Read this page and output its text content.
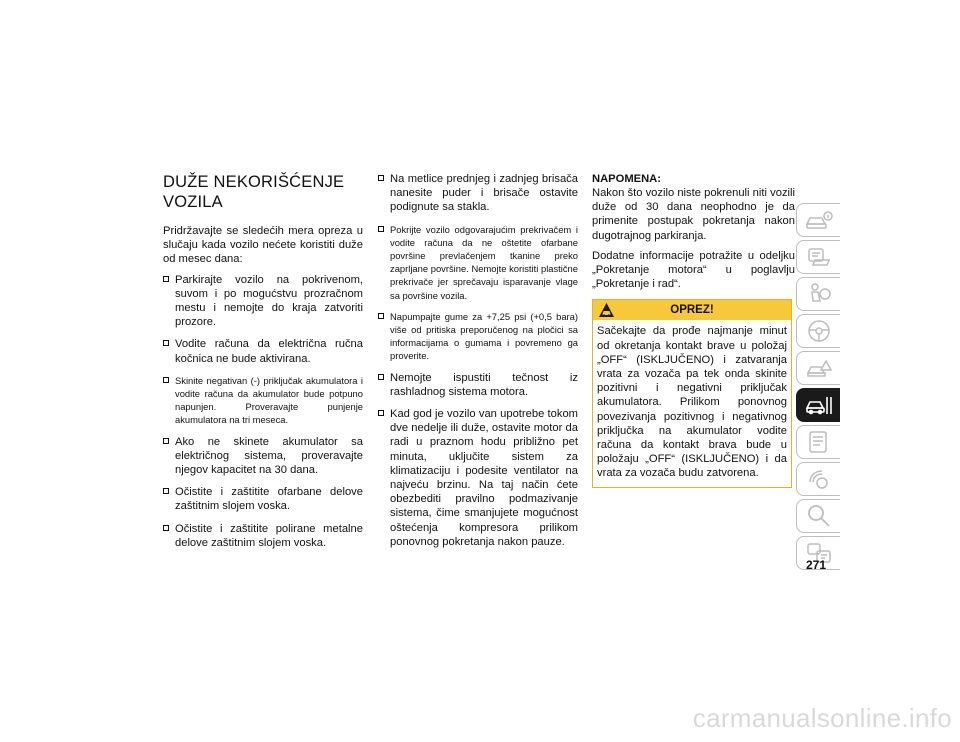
DUŽE NEKORIŠĆENJE VOZILA

Pridržavajte se sledećih mera opreza u slučaju kada vozilo nećete koristiti duže od mesec dana:

Parkirajte vozilo na pokrivenom, suvom i po mogućstvu prozračnom mestu i nemojte do kraja zatvoriti prozore.
Vodite računa da električna ručna kočnica ne bude aktivirana.
Skinite negativan (-) priključak akumulatora i vodite računa da akumulator bude potpuno napunjen. Proveravajte punjenje akumulatora na tri meseca.
Ako ne skinete akumulator sa električnog sistema, proveravajte njegov kapacitet na 30 dana.
Očistite i zaštitite ofarbane delove zaštitnim slojem voska.
Očistite i zaštitite polirane metalne delove zaštitnim slojem voska.
Na metlice prednjeg i zadnjeg brisača nanesite puder i brisače ostavite podignute sa stakla.
Pokrijte vozilo odgovarajućim prekrivačem i vodite računa da ne oštetite ofarbane površine prevlačenjem tkanine preko zaprljane površine. Nemojte koristiti plastične prekrivače jer sprečavaju isparavanje vlage sa površine vozila.
Napumpajte gume za +7,25 psi (+0,5 bara) više od pritiska preporučenog na pločici sa informacijama o gumama i povremeno ga proverite.
Nemojte ispustiti tečnost iz rashladnog sistema motora.
Kad god je vozilo van upotrebe tokom dve nedelje ili duže, ostavite motor da radi u praznom hodu približno pet minuta, uključite sistem za klimatizaciju i podesite ventilator na najveću brzinu. Na taj način ćete obezbediti pravilno podmazivanje sistema, čime smanjujete mogućnost oštećenja kompresora prilikom ponovnog pokretanja nakon pauze.
NAPOMENA:

Nakon što vozilo niste pokrenuli niti vozili duže od 30 dana neophodno je da primenite postupak pokretanja nakon dugotrajnog parkiranja.

Dodatne informacije potražite u odeljku „Pokretanje motora“ u poglavlju „Pokretanje i rad“.

OPREZ!
Sačekajte da prođe najmanje minut od okretanja kontakt brave u položaj „OFF“ (ISKLJUČENO) i zatvaranja vrata za vozača pa tek onda skinite pozitivni i negativni priključak akumulatora. Prilikom ponovnog povezivanja pozitivnog i negativnog priključka na akumulator vodite računa da kontakt brava bude u položaju „OFF“ (ISKLJUČENO) i da vrata za vozača budu zatvorena.
271
carmanualsonline.info
